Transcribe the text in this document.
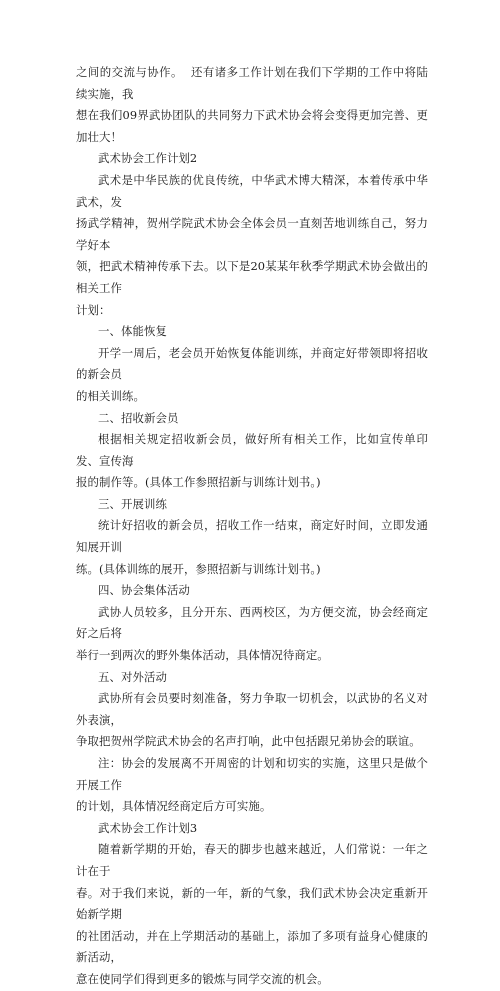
之间的交流与协作。  还有诸多工作计划在我们下学期的工作中将陆续实施，我
想在我们09界武协团队的共同努力下武术协会将会变得更加完善、更加壮大！
武术协会工作计划2
武术是中华民族的优良传统，中华武术博大精深，本着传承中华武术，发
扬武学精神，贺州学院武术协会全体会员一直刻苦地训练自己，努力学好本
领，把武术精神传承下去。以下是20某某年秋季学期武术协会做出的相关工作
计划：
一、体能恢复
开学一周后，老会员开始恢复体能训练，并商定好带领即将招收的新会员
的相关训练。
二、招收新会员
根据相关规定招收新会员，做好所有相关工作，比如宣传单印发、宣传海
报的制作等。(具体工作参照招新与训练计划书。)
三、开展训练
统计好招收的新会员，招收工作一结束，商定好时间，立即发通知展开训
练。(具体训练的展开，参照招新与训练计划书。)
四、协会集体活动
武协人员较多，且分开东、西两校区，为方便交流，协会经商定好之后将
举行一到两次的野外集体活动，具体情况待商定。
五、对外活动
武协所有会员要时刻准备，努力争取一切机会，以武协的名义对外表演，
争取把贺州学院武术协会的名声打响，此中包括跟兄弟协会的联谊。
注：协会的发展离不开周密的计划和切实的实施，这里只是做个开展工作
的计划，具体情况经商定后方可实施。
武术协会工作计划3
随着新学期的开始，春天的脚步也越来越近，人们常说：一年之计在于
春。对于我们来说，新的一年，新的气象，我们武术协会决定重新开始新学期
的社团活动，并在上学期活动的基础上，添加了多项有益身心健康的新活动，
意在使同学们得到更多的锻炼与同学交流的机会。
